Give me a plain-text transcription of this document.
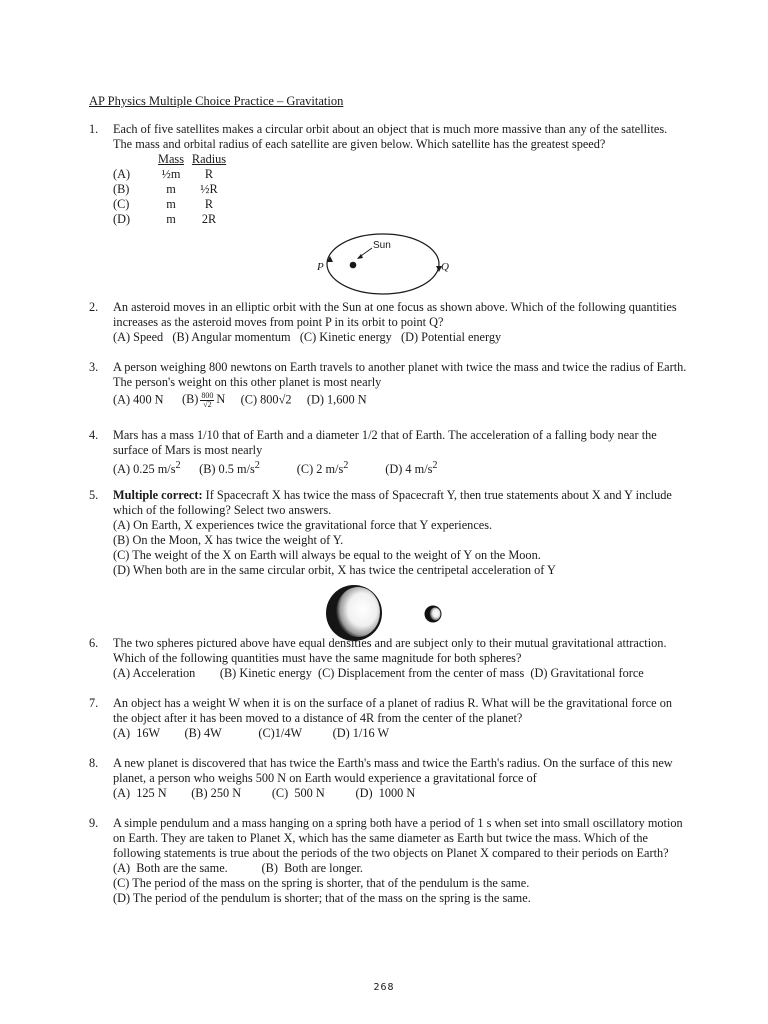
AP Physics Multiple Choice Practice – Gravitation
1. Each of five satellites makes a circular orbit about an object that is much more massive than any of the satellites. The mass and orbital radius of each satellite are given below. Which satellite has the greatest speed?

	Mass	Radius
(A)	½m	R
(B)	m	½R
(C)	m	R
(D)	m	2R
Sun
P	Q
2. An asteroid moves in an elliptic orbit with the Sun at one focus as shown above. Which of the following quantities increases as the asteroid moves from point P in its orbit to point Q?

(A) Speed   (B) Angular momentum   (C) Kinetic energy   (D) Potential energy

3. A person weighing 800 newtons on Earth travels to another planet with twice the mass and twice the radius of Earth. The person's weight on this other planet is most nearly

(A) 400 N $(B) \frac{800}{√2}$ N (C) 800√2 (D) 1,600 N

4. Mars has a mass 1/10 that of Earth and a diameter 1/2 that of Earth. The acceleration of a falling body near the surface of Mars is most nearly

(A) 0.25 $m/s^2$ (B) 0.5 $m/s^2$	(C) 2 $m/s^2$	(D) 4 $m/s^2$

5. Multiple correct: If Spacecraft X has twice the mass of Spacecraft Y, then true statements about X and Y include which of the following? Select two answers.

(A) On Earth, X experiences twice the gravitational force that Y experiences.

(B) On the Moon, X has twice the weight of Y.

(C) The weight of the X on Earth will always be equal to the weight of Y on the Moon.

(D) When both are in the same circular orbit, X has twice the centripetal acceleration of Y

6. The two spheres pictured above have equal densities and are subject only to their mutual gravitational attraction. Which of the following quantities must have the same magnitude for both spheres?

(A) Acceleration        (B) Kinetic energy  (C) Displacement from the center of mass  (D) Gravitational force

7. An object has a weight W when it is on the surface of a planet of radius R. What will be the gravitational force on the object after it has been moved to a distance of 4R from the center of the planet?

(A)  16W        (B) 4W            (C)1/4W          (D) 1/16 W

8. A new planet is discovered that has twice the Earth's mass and twice the Earth's radius. On the surface of this new planet, a person who weighs 500 N on Earth would experience a gravitational force of

(A)  125 N        (B) 250 N          (C)  500 N          (D)  1000 N

9. A simple pendulum and a mass hanging on a spring both have a period of 1 s when set into small oscillatory motion on Earth. They are taken to Planet X, which has the same diameter as Earth but twice the mass. Which of the following statements is true about the periods of the two objects on Planet X compared to their periods on Earth?

(A)  Both are the same.           (B)  Both are longer.

(C) The period of the mass on the spring is shorter, that of the pendulum is the same.

(D) The period of the pendulum is shorter; that of the mass on the spring is the same.

268
